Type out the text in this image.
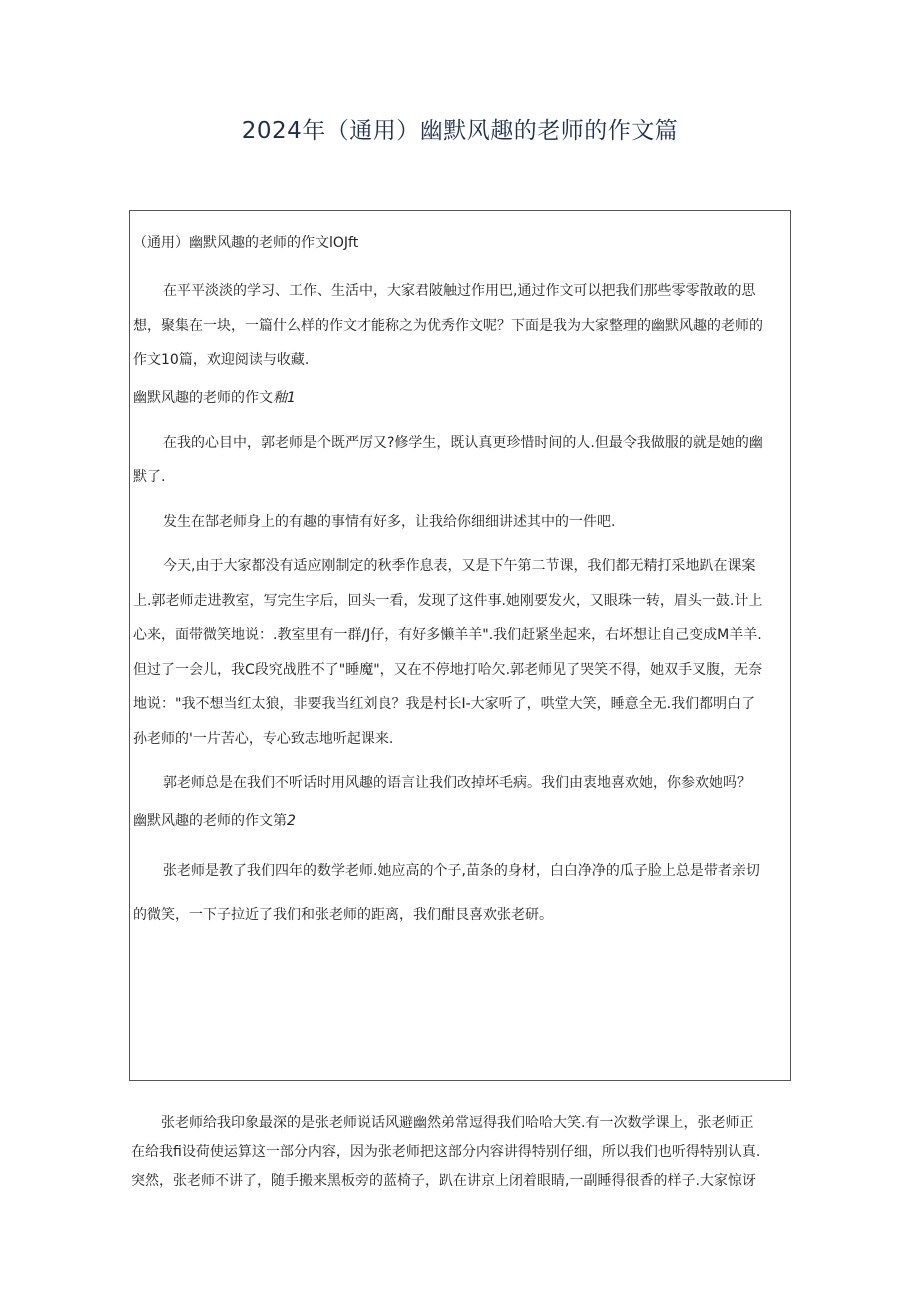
2024年（通用）幽默风趣的老师的作文篇

（通用）幽默风趣的老师的作文lOJft

在平平淡淡的学习、工作、生活中，大家君陂触过作用巴,通过作文可以把我们那些零零散敢的思
想，聚集在一块，一篇什么样的作文才能称之为优秀作文呢？下面是我为大家整理的幽默风趣的老师的
作文10篇，欢迎阅读与收藏.

幽默风趣的老师的作文釉1

在我的心目中，郭老师是个既严厉又?修学生，既认真更珍惜时间的人.但最令我做服的就是她的幽
默了.
发生在郜老师身上的有趣的事情有好多，让我给你细细讲述其中的一件吧.
今天,由于大家都没有适应刚制定的秋季作息表，又是下午第二节课，我们都无精打采地趴在课案
上.郭老师走进教室，写完生字后，回头一看，发现了这件事.她刚要发火，又眼珠一转，眉头一鼓.计上
心来，面带微笑地说：.教室里有一群/J仔，有好多懒羊羊".我们赶紧坐起来，右坏想让自己变成M羊羊.
但过了一会儿，我C段究战胜不了"睡魔"，又在不停地打哈欠.郭老师见了哭笑不得，她双手叉腹，无奈
地说："我不想当红太狼，非要我当红刘良？我是村长I-大家听了，哄堂大笑，睡意全无.我们都明白了
孙老师的'一片苦心，专心致志地听起课来.
郭老师总是在我们不听话时用风趣的语言让我们改掉坏毛病。我们由衷地喜欢她，你参欢她吗？

幽默风趣的老师的作文第2

张老师是教了我们四年的数学老师.她应高的个子,苗条的身材，白白净净的瓜子脸上总是带者亲切
的微笑，一下子拉近了我们和张老师的距离，我们酣艮喜欢张老研。
张老师给我印象最深的是张老师说话风避幽然弟常逗得我们哈哈大笑.有一次数学课上，张老师正
在给我fi设荷使运算这一部分内容，因为张老师把这部分内容讲得特别仔细，所以我们也听得特别认真.
突然，张老师不讲了，随手搬来黑板旁的蓝椅子，趴在讲京上闭着眼睛,一副睡得很香的样子.大家惊讶
